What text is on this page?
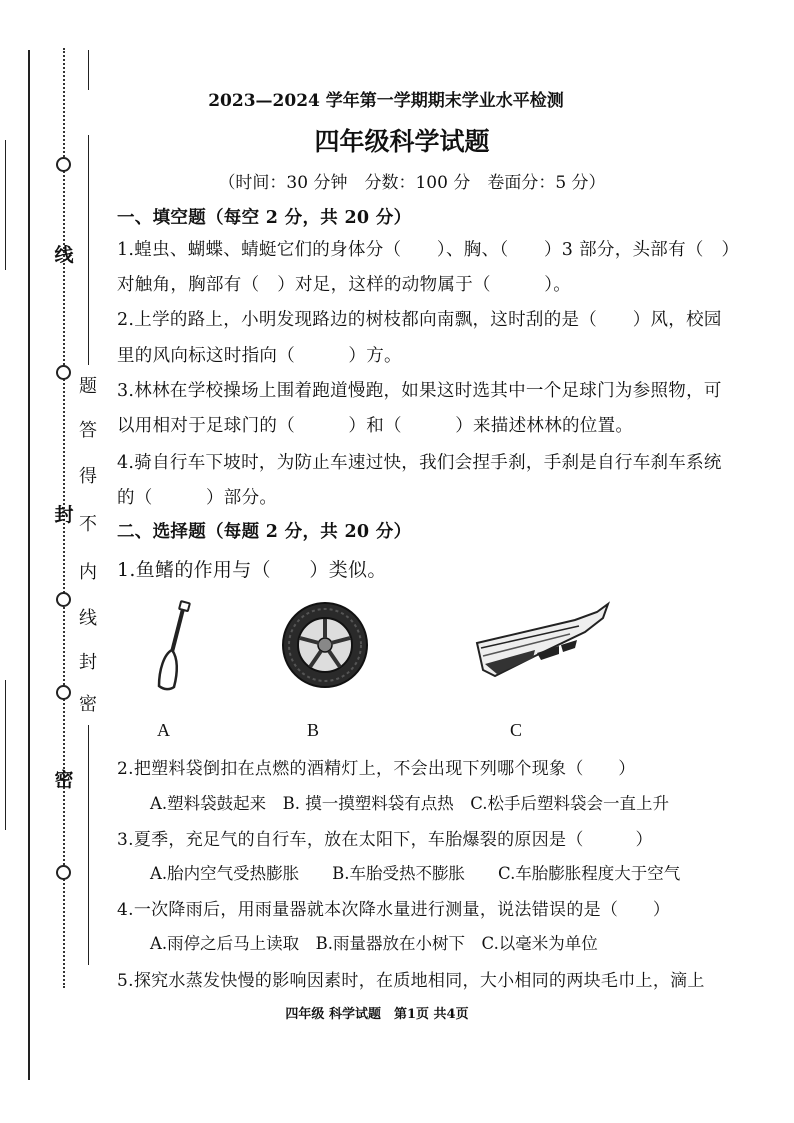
线
封
密
密
封
线
内
不
得
答
题
2023—2024 学年第一学期期末学业水平检测
四年级科学试题
（时间：30 分钟　分数：100 分　卷面分：5 分）
一、填空题（每空 2 分，共 20 分）
1.蝗虫、蝴蝶、蜻蜓它们的身体分（　　）、胸、（　　）3 部分，头部有（　）
对触角，胸部有（　）对足，这样的动物属于（　　　）。
2.上学的路上，小明发现路边的树枝都向南飘，这时刮的是（　　）风，校园
里的风向标这时指向（　　　）方。
3.林林在学校操场上围着跑道慢跑，如果这时选其中一个足球门为参照物，可
以用相对于足球门的（　　　）和（　　　）来描述林林的位置。
4.骑自行车下坡时，为防止车速过快，我们会捏手刹，手刹是自行车刹车系统
的（　　　）部分。
二、选择题（每题 2 分，共 20 分）
1.鱼鳍的作用与（　　）类似。
A	B	C
2.把塑料袋倒扣在点燃的酒精灯上，不会出现下列哪个现象（　　）
A.塑料袋鼓起来　B. 摸一摸塑料袋有点热　C.松手后塑料袋会一直上升
3.夏季，充足气的自行车，放在太阳下，车胎爆裂的原因是（　　　）
A.胎内空气受热膨胀　　B.车胎受热不膨胀　　C.车胎膨胀程度大于空气
4.一次降雨后，用雨量器就本次降水量进行测量，说法错误的是（　　）
A.雨停之后马上读取　B.雨量器放在小树下　C.以毫米为单位
5.探究水蒸发快慢的影响因素时，在质地相同，大小相同的两块毛巾上，滴上
四年级 科学试题　第1页 共4页
